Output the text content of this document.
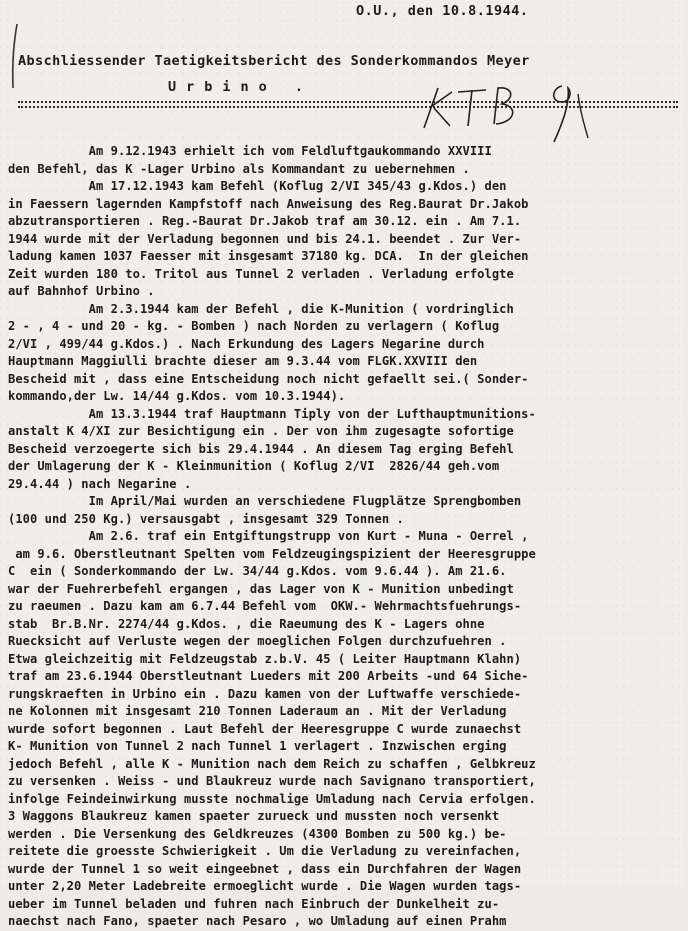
O.U., den 10.8.1944.
Abschliessender Taetigkeitsbericht des Sonderkommandos Meyer
Urbino .
Am 9.12.1943 erhielt ich vom Feldluftgaukommando XXVIII
den Befehl, das K -Lager Urbino als Kommandant zu uebernehmen .
Am 17.12.1943 kam Befehl (Koflug 2/VI 345/43 g.Kdos.) den
in Faessern lagernden Kampfstoff nach Anweisung des Reg.Baurat Dr.Jakob
abzutransportieren . Reg.-Baurat Dr.Jakob traf am 30.12. ein . Am 7.1.
1944 wurde mit der Verladung begonnen und bis 24.1. beendet . Zur Ver-
ladung kamen 1037 Faesser mit insgesamt 37180 kg. DCA.  In der gleichen
Zeit wurden 180 to. Tritol aus Tunnel 2 verladen . Verladung erfolgte
auf Bahnhof Urbino .
Am 2.3.1944 kam der Befehl , die K-Munition ( vordringlich
2 - , 4 - und 20 - kg. - Bomben ) nach Norden zu verlagern ( Koflug
2/VI , 499/44 g.Kdos.) . Nach Erkundung des Lagers Negarine durch
Hauptmann Maggiulli brachte dieser am 9.3.44 vom FLGK.XXVIII den
Bescheid mit , dass eine Entscheidung noch nicht gefaellt sei.( Sonder-
kommando,der Lw. 14/44 g.Kdos. vom 10.3.1944).
Am 13.3.1944 traf Hauptmann Tiply von der Lufthauptmunitions-
anstalt K 4/XI zur Besichtigung ein . Der von ihm zugesagte sofortige
Bescheid verzoegerte sich bis 29.4.1944 . An diesem Tag erging Befehl
der Umlagerung der K - Kleinmunition ( Koflug 2/VI  2826/44 geh.vom
29.4.44 ) nach Negarine .
Im April/Mai wurden an verschiedene Flugplätze Sprengbomben
(100 und 250 Kg.) versausgabt , insgesamt 329 Tonnen .
Am 2.6. traf ein Entgiftungstrupp von Kurt - Muna - Oerrel ,
am 9.6. Oberstleutnant Spelten vom Feldzeugingspizient der Heeresgruppe
C  ein ( Sonderkommando der Lw. 34/44 g.Kdos. vom 9.6.44 ). Am 21.6.
war der Fuehrerbefehl ergangen , das Lager von K - Munition unbedingt
zu raeumen . Dazu kam am 6.7.44 Befehl vom  OKW.- Wehrmachtsfuehrungs-
stab  Br.B.Nr. 2274/44 g.Kdos. , die Raeumung des K - Lagers ohne
Ruecksicht auf Verluste wegen der moeglichen Folgen durchzufuehren .
Etwa gleichzeitig mit Feldzeugstab z.b.V. 45 ( Leiter Hauptmann Klahn)
traf am 23.6.1944 Oberstleutnant Lueders mit 200 Arbeits -und 64 Siche-
rungskraeften in Urbino ein . Dazu kamen von der Luftwaffe verschiede-
ne Kolonnen mit insgesamt 210 Tonnen Laderaum an . Mit der Verladung
wurde sofort begonnen . Laut Befehl der Heeresgruppe C wurde zunaechst
K- Munition von Tunnel 2 nach Tunnel 1 verlagert . Inzwischen erging
jedoch Befehl , alle K - Munition nach dem Reich zu schaffen , Gelbkreuz
zu versenken . Weiss - und Blaukreuz wurde nach Savignano transportiert,
infolge Feindeinwirkung musste nochmalige Umladung nach Cervia erfolgen.
3 Waggons Blaukreuz kamen spaeter zurueck und mussten noch versenkt
werden . Die Versenkung des Geldkreuzes (4300 Bomben zu 500 kg.) be-
reitete die groesste Schwierigkeit . Um die Verladung zu vereinfachen,
wurde der Tunnel 1 so weit eingeebnet , dass ein Durchfahren der Wagen
unter 2,20 Meter Ladebreite ermoeglicht wurde . Die Wagen wurden tags-
ueber im Tunnel beladen und fuhren nach Einbruch der Dunkelheit zu-
naechst nach Fano, spaeter nach Pesaro , wo Umladung auf einen Prahm
